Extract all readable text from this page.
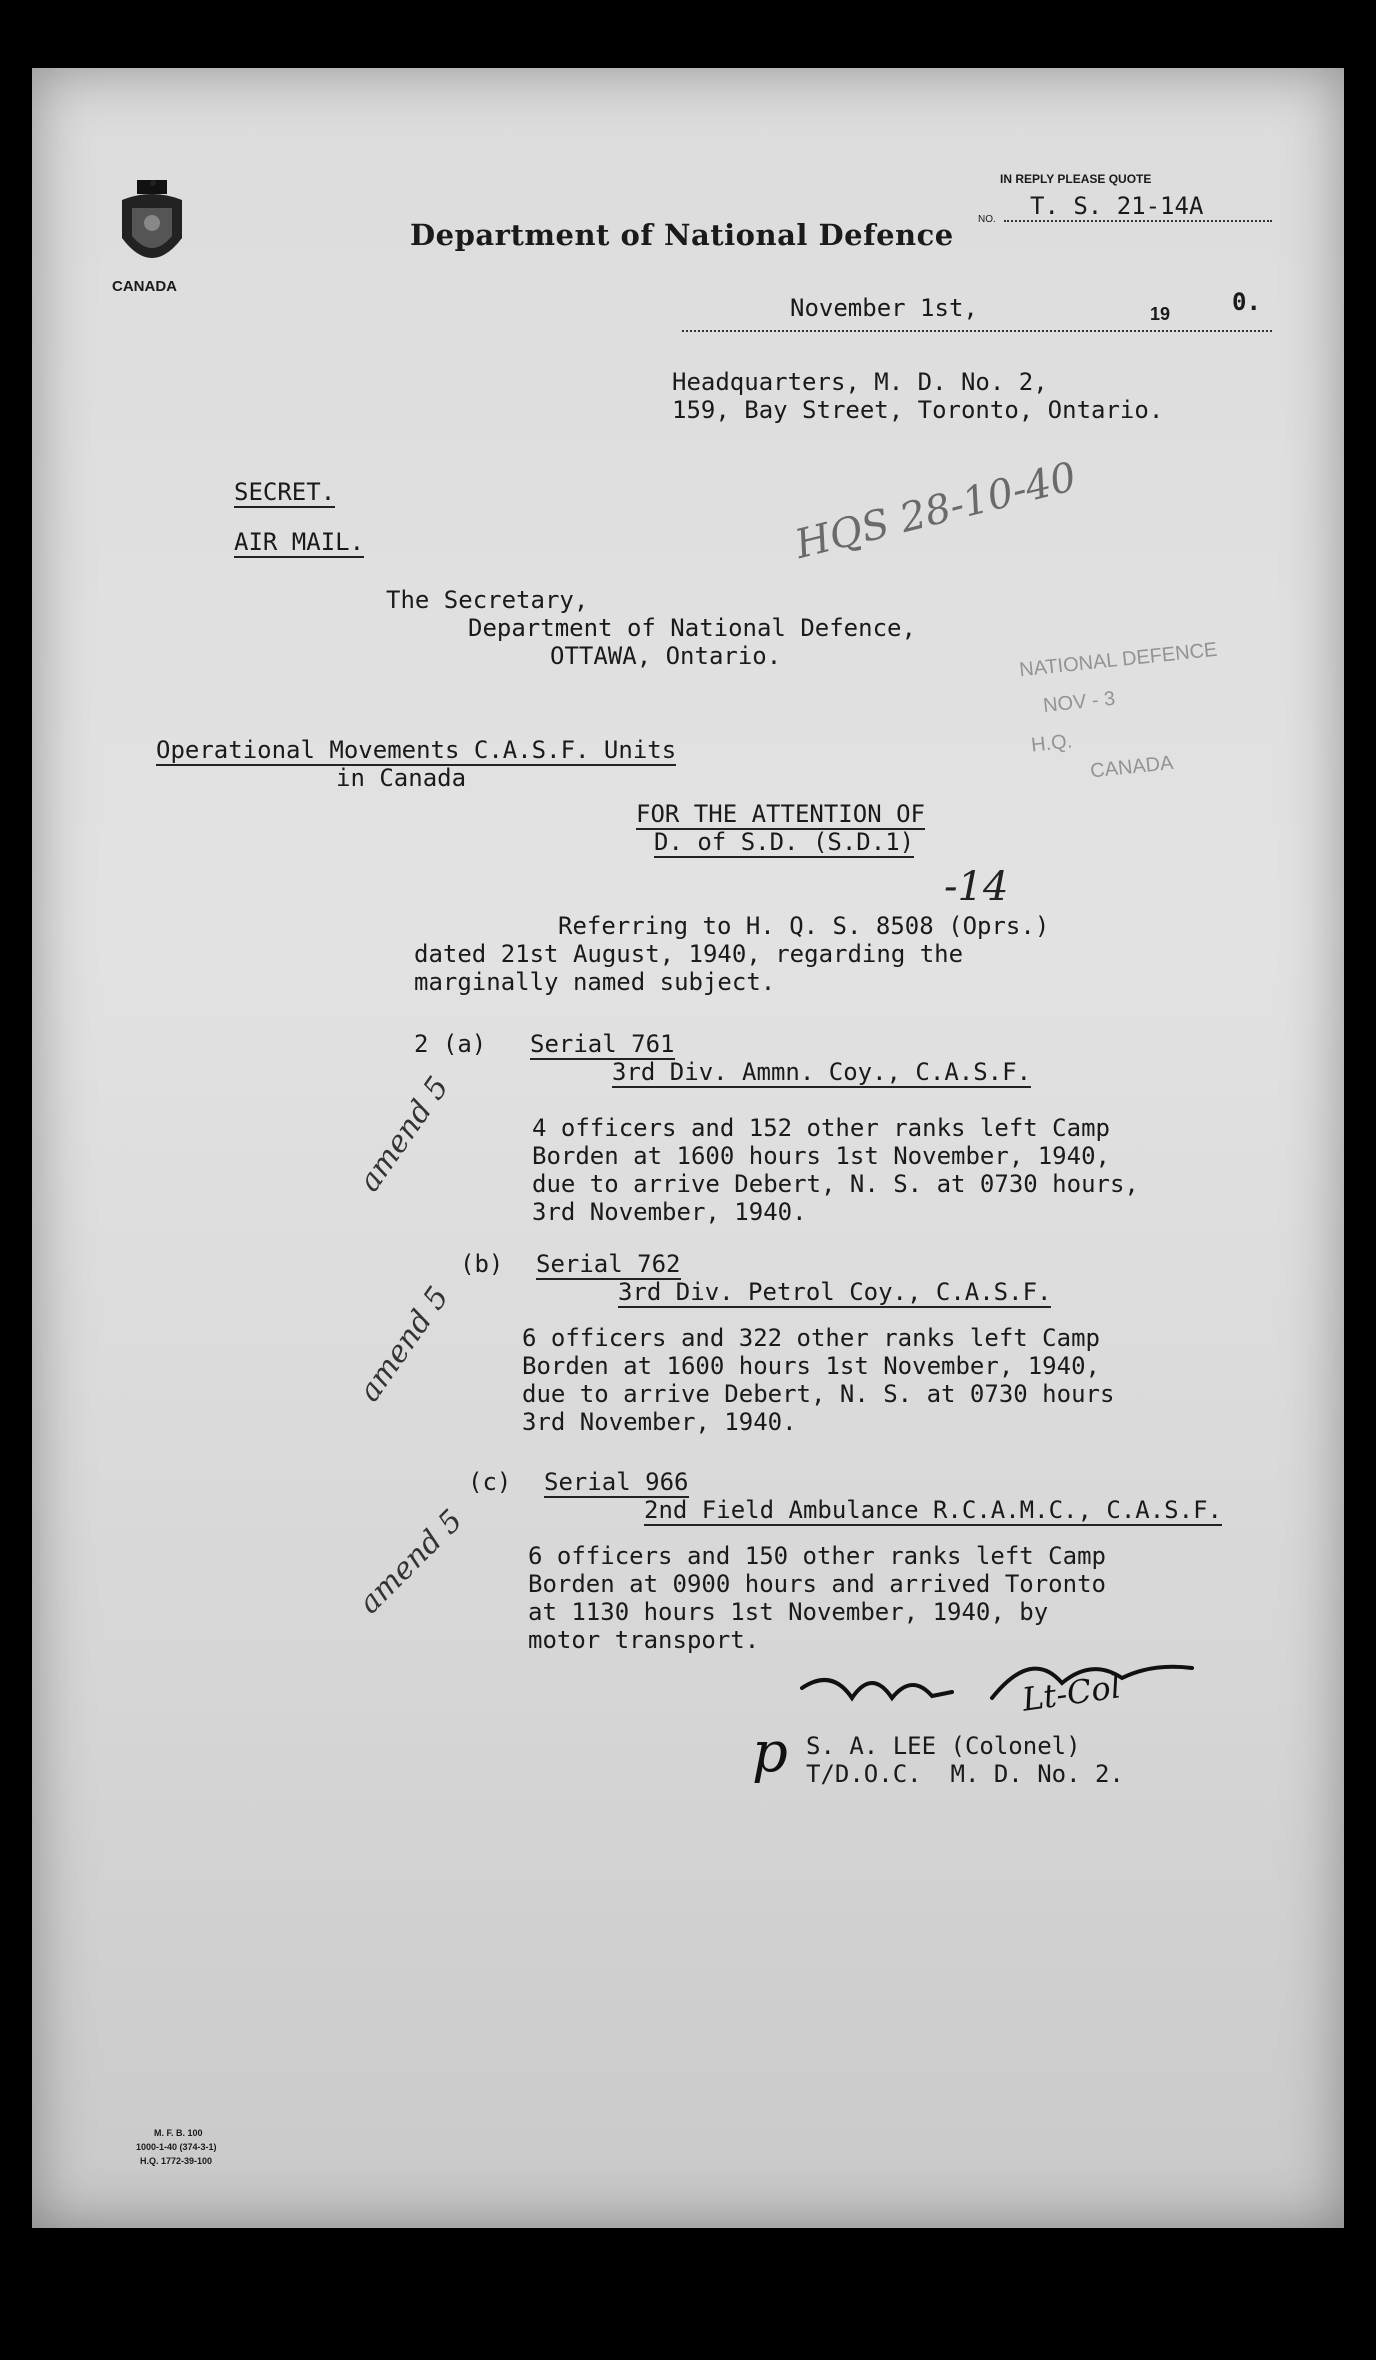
CANADA
Department of National Defence
IN REPLY PLEASE QUOTE
NO.	T. S. 21-14A
November 1st,	19	0.
Headquarters, M. D. No. 2,
159, Bay Street, Toronto, Ontario.
SECRET.
AIR MAIL.	HQS 28-10-40
The Secretary,
Department of National Defence,
OTTAWA, Ontario.	NATIONAL DEFENCE
NOV - 3
H.Q.
CANADA
Operational Movements C.A.S.F. Units
in Canada
FOR THE ATTENTION OF
D. of S.D. (S.D.1)
-14
Referring to H. Q. S. 8508 (Oprs.)
dated 21st August, 1940, regarding the
marginally named subject.
2 (a) Serial 761
3rd Div. Ammn. Coy., C.A.S.F.
amend 5	4 officers and 152 other ranks left Camp
Borden at 1600 hours 1st November, 1940,
due to arrive Debert, N. S. at 0730 hours,
3rd November, 1940.
(b) Serial 762
3rd Div. Petrol Coy., C.A.S.F.
amend 5	6 officers and 322 other ranks left Camp
Borden at 1600 hours 1st November, 1940,
due to arrive Debert, N. S. at 0730 hours
3rd November, 1940.
(c) Serial 966
2nd Field Ambulance R.C.A.M.C., C.A.S.F.
amend 5 6 officers and 150 other ranks left Camp
Borden at 0900 hours and arrived Toronto
at 1130 hours 1st November, 1940, by
motor transport.
Lt-Col
p S. A. LEE (Colonel)
T/D.O.C.  M. D. No. 2.
M. F. B. 100
1000-1-40 (374-3-1)
H.Q. 1772-39-100
